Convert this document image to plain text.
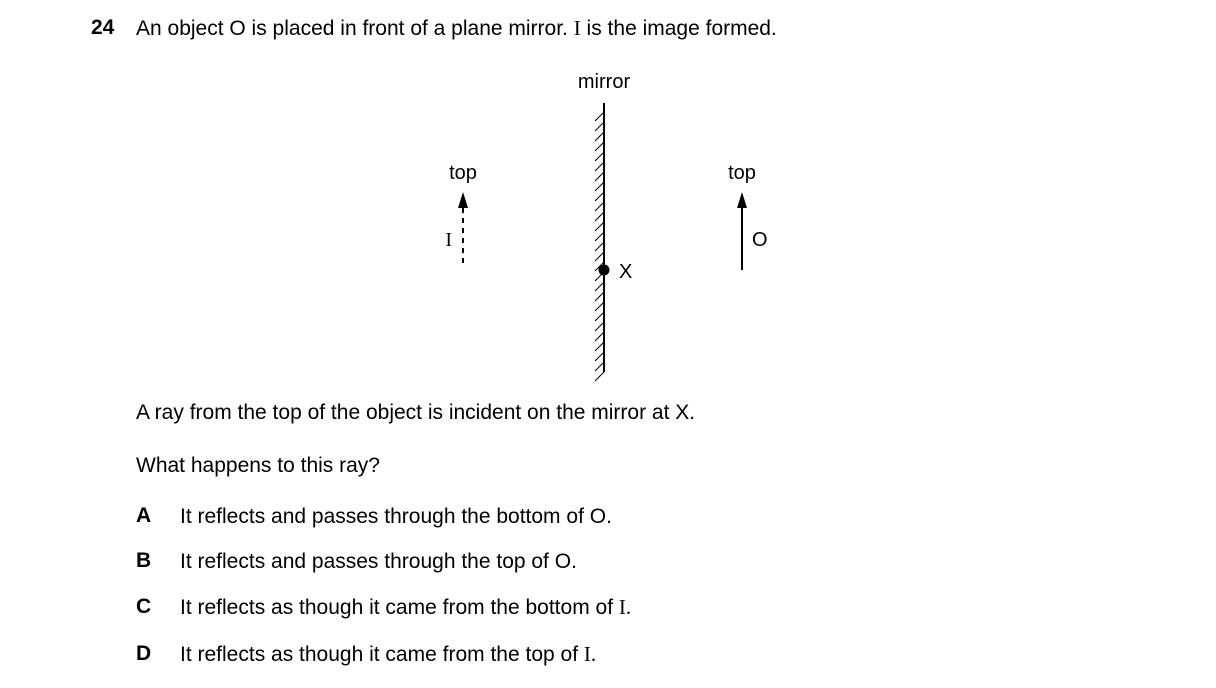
24 An object O is placed in front of a plane mirror. I is the image formed.
mirror
top
I
top
O
X
A ray from the top of the object is incident on the mirror at X.
What happens to this ray?
A	It reflects and passes through the bottom of O.
B	It reflects and passes through the top of O.
C	It reflects as though it came from the bottom of I.
D	It reflects as though it came from the top of I.
